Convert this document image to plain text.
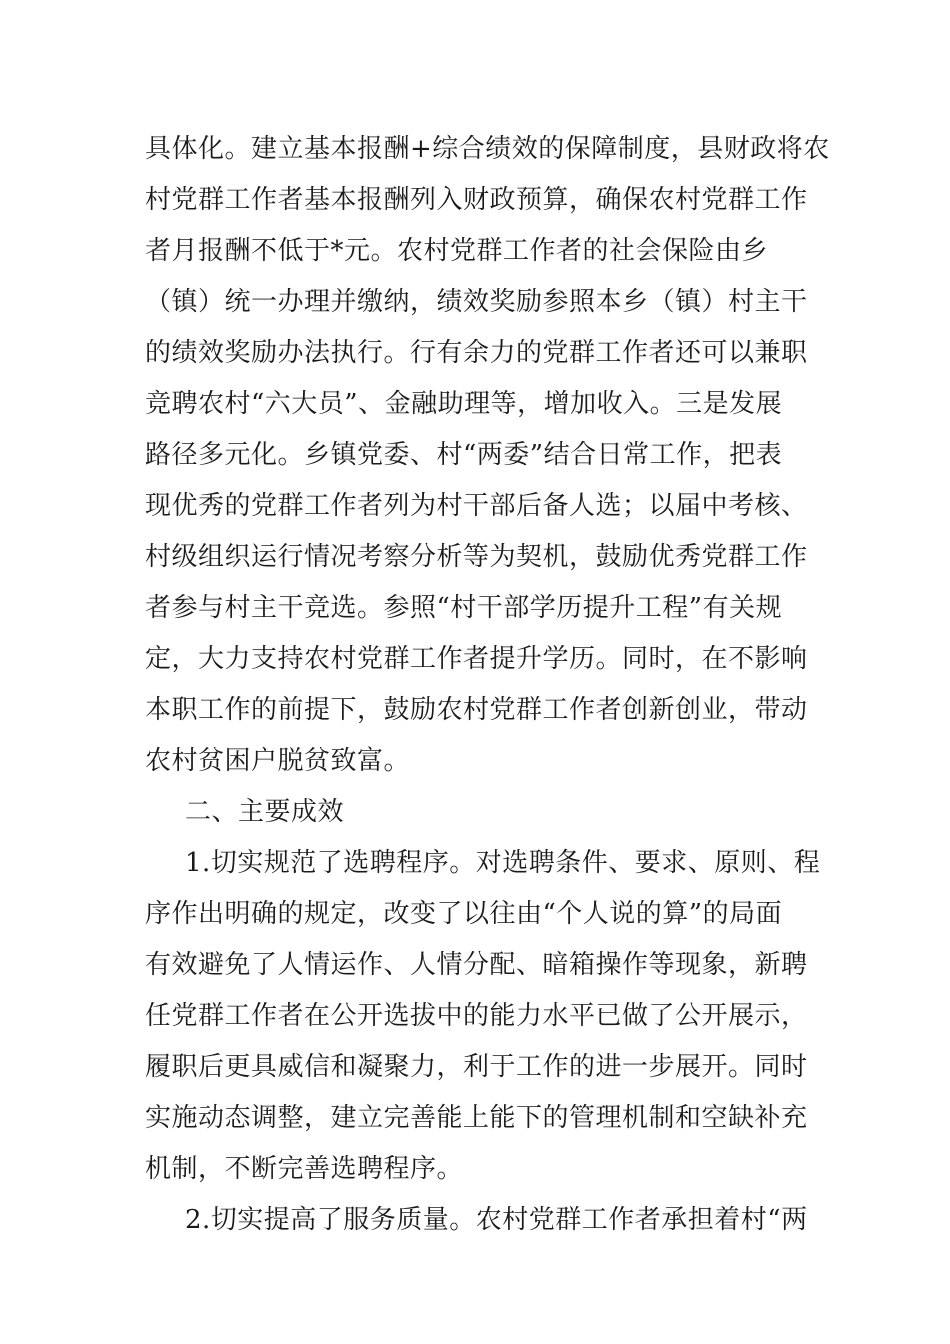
具体化。建立基本报酬+综合绩效的保障制度，县财政将农
村党群工作者基本报酬列入财政预算，确保农村党群工作
者月报酬不低于*元。农村党群工作者的社会保险由乡
（镇）统一办理并缴纳，绩效奖励参照本乡（镇）村主干
的绩效奖励办法执行。行有余力的党群工作者还可以兼职
竞聘农村“六大员”、金融助理等，增加收入。三是发展
路径多元化。乡镇党委、村“两委”结合日常工作，把表
现优秀的党群工作者列为村干部后备人选；以届中考核、
村级组织运行情况考察分析等为契机，鼓励优秀党群工作
者参与村主干竞选。参照“村干部学历提升工程”有关规
定，大力支持农村党群工作者提升学历。同时，在不影响
本职工作的前提下，鼓励农村党群工作者创新创业，带动
农村贫困户脱贫致富。
二、主要成效
1.切实规范了选聘程序。对选聘条件、要求、原则、程
序作出明确的规定，改变了以往由“个人说的算”的局面
有效避免了人情运作、人情分配、暗箱操作等现象，新聘
任党群工作者在公开选拔中的能力水平已做了公开展示，
履职后更具威信和凝聚力，利于工作的进一步展开。同时
实施动态调整，建立完善能上能下的管理机制和空缺补充
机制，不断完善选聘程序。
2.切实提高了服务质量。农村党群工作者承担着村“两
